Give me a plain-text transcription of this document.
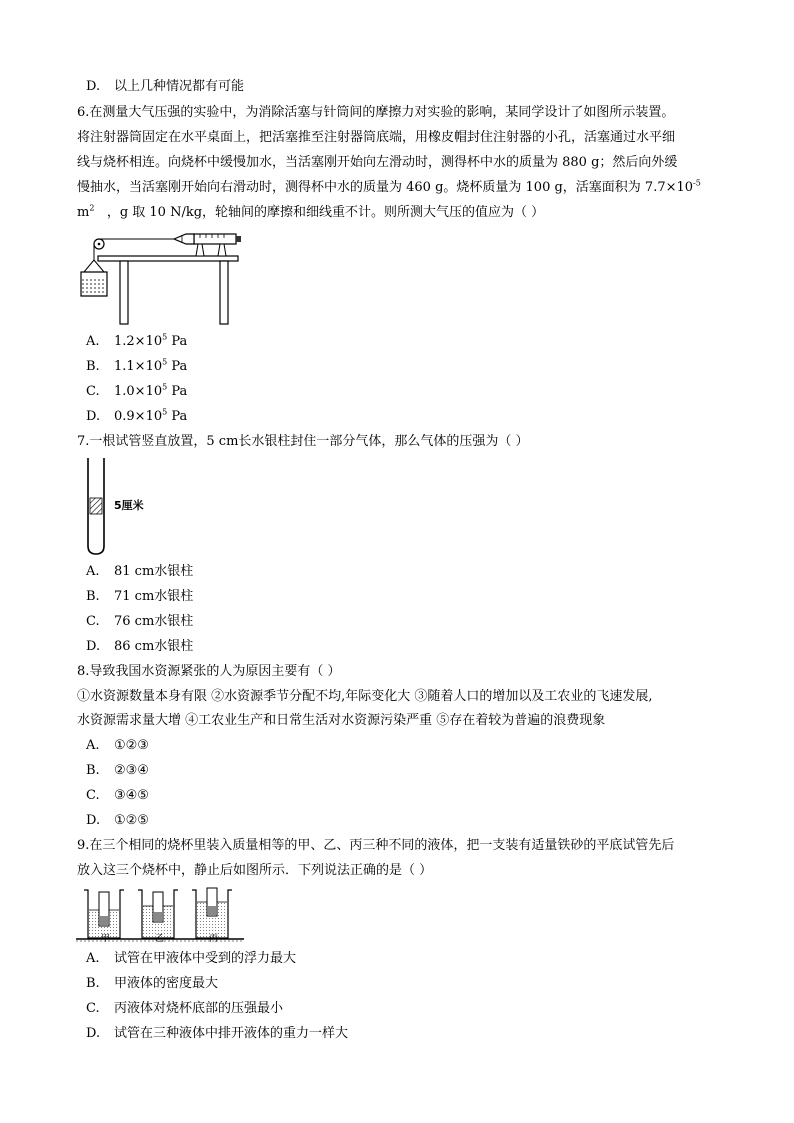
D. 以上几种情况都有可能
6.在测量大气压强的实验中，为消除活塞与针筒间的摩擦力对实验的影响，某同学设计了如图所示装置。
将注射器筒固定在水平桌面上，把活塞推至注射器筒底端，用橡皮帽封住注射器的小孔，活塞通过水平细
线与烧杯相连。向烧杯中缓慢加水，当活塞刚开始向左滑动时，测得杯中水的质量为 880 g；然后向外缓
慢抽水，当活塞刚开始向右滑动时，测得杯中水的质量为 460 g。烧杯质量为 100 g，活塞面积为 $7.7\times 10^{-5}$
$m^2$ ，g 取 10 N/kg，轮轴间的摩擦和细线重不计。则所测大气压的值应为（ ）
A. $1.2\times 10^5$ Pa
B. $1.1\times 10^5$ Pa
C. $1.0\times 10^5$ Pa
D. $0.9\times 10^5$ Pa
7.一根试管竖直放置，5 cm长水银柱封住一部分气体，那么气体的压强为（ ）
5厘米
A. 81 cm水银柱
B. 71 cm水银柱
C. 76 cm水银柱
D. 86 cm水银柱
8.导致我国水资源紧张的人为原因主要有（ ）
①水资源数量本身有限 ②水资源季节分配不均,年际变化大 ③随着人口的增加以及工农业的飞速发展,
水资源需求量大增 ④工农业生产和日常生活对水资源污染严重 ⑤存在着较为普遍的浪费现象
A. ①②③
B. ②③④
C. ③④⑤
D. ①②⑤
9.在三个相同的烧杯里装入质量相等的甲、乙、丙三种不同的液体，把一支装有适量铁砂的平底试管先后
放入这三个烧杯中，静止后如图所示．下列说法正确的是（ ）
甲	乙	丙
A. 试管在甲液体中受到的浮力最大
B. 甲液体的密度最大
C. 丙液体对烧杯底部的压强最小
D. 试管在三种液体中排开液体的重力一样大
